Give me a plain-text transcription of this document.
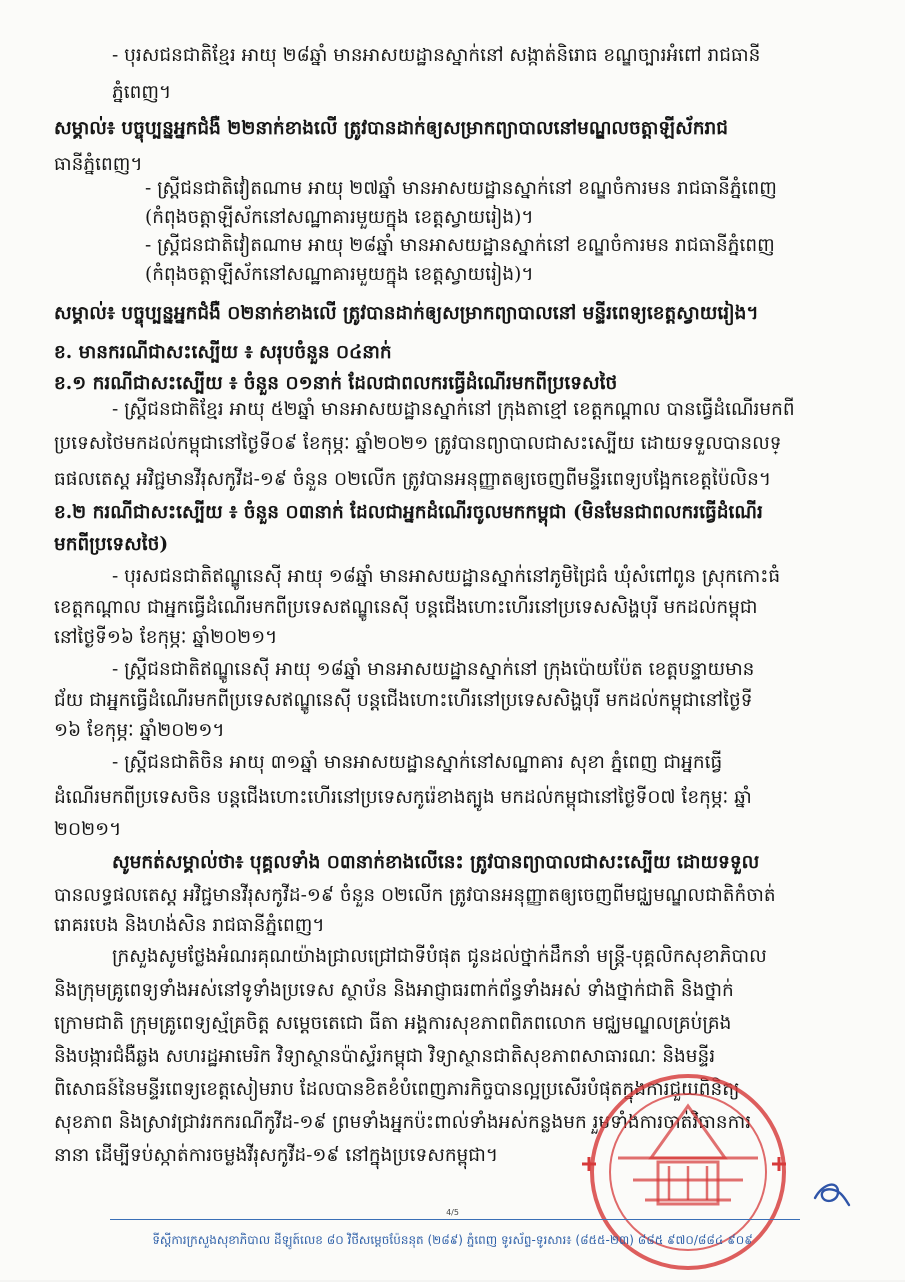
- បុរសជនជាតិខ្មែរ អាយុ ២៨ឆ្នាំ មានអាសយដ្ឋានស្នាក់នៅ សង្កាត់និរោធ ខណ្ឌច្បារអំពៅ រាជធានី
ភ្នំពេញ។
សម្គាល់៖ បច្ចុប្បន្នអ្នកជំងឺ ២២នាក់ខាងលើ ត្រូវបានដាក់ឲ្យសម្រាកព្យាបាលនៅមណ្ឌលចត្តាឡីស័ករាជ
ធានីភ្នំពេញ។
- ស្ត្រីជនជាតិវៀតណាម អាយុ ២៧ឆ្នាំ មានអាសយដ្ឋានស្នាក់នៅ ខណ្ឌចំការមន រាជធានីភ្នំពេញ
(កំពុងចត្តាឡីស័កនៅសណ្ឋាគារមួយក្នុង ខេត្តស្វាយរៀង)។
- ស្ត្រីជនជាតិវៀតណាម អាយុ ២៨ឆ្នាំ មានអាសយដ្ឋានស្នាក់នៅ ខណ្ឌចំការមន រាជធានីភ្នំពេញ
(កំពុងចត្តាឡីស័កនៅសណ្ឋាគារមួយក្នុង ខេត្តស្វាយរៀង)។
សម្គាល់៖ បច្ចុប្បន្នអ្នកជំងឺ ០២នាក់ខាងលើ ត្រូវបានដាក់ឲ្យសម្រាកព្យាបាលនៅ មន្ទីរពេទ្យខេត្តស្វាយរៀង។
ខ. មានករណីជាសះស្បើយ ៖ សរុបចំនួន ០៤នាក់
ខ.១ ករណីជាសះស្បើយ ៖ ចំនួន ០១នាក់ ដែលជាពលករធ្វើដំណើរមកពីប្រទេសថៃ
- ស្ត្រីជនជាតិខ្មែរ អាយុ ៥២ឆ្នាំ មានអាសយដ្ឋានស្នាក់នៅ ក្រុងតាខ្មៅ ខេត្តកណ្តាល បានធ្វើដំណើរមកពី
ប្រទេសថៃមកដល់កម្ពុជានៅថ្ងៃទី០៩ ខែកុម្ភៈ ឆ្នាំ២០២១ ត្រូវបានព្យាបាលជាសះស្បើយ ដោយទទួលបានលទ្
ធផលតេស្ត អវិជ្ជមានវីរុសកូវីដ-១៩ ចំនួន ០២លើក ត្រូវបានអនុញ្ញាតឲ្យចេញពីមន្ទីរពេទ្យបង្អែកខេត្តប៉ៃលិន។
ខ.២ ករណីជាសះស្បើយ ៖ ចំនួន ០៣នាក់ ដែលជាអ្នកដំណើរចូលមកកម្ពុជា (មិនមែនជាពលករធ្វើដំណើរ
មកពីប្រទេសថៃ)
- បុរសជនជាតិឥណ្ឌូនេស៊ី អាយុ ១៨ឆ្នាំ មានអាសយដ្ឋានស្នាក់នៅភូមិជ្រៃធំ ឃុំសំពៅពូន ស្រុកកោះធំ
ខេត្តកណ្តាល ជាអ្នកធ្វើដំណើរមកពីប្រទេសឥណ្ឌូនេស៊ី បន្តជើងហោះហើរនៅប្រទេសសិង្ហបុរី មកដល់កម្ពុជា
នៅថ្ងៃទី១៦ ខែកុម្ភៈ ឆ្នាំ២០២១។
- ស្ត្រីជនជាតិឥណ្ឌូនេស៊ី អាយុ ១៨ឆ្នាំ មានអាសយដ្ឋានស្នាក់នៅ ក្រុងប៉ោយប៉ែត ខេត្តបន្ទាយមាន
ជ័យ ជាអ្នកធ្វើដំណើរមកពីប្រទេសឥណ្ឌូនេស៊ី បន្តជើងហោះហើរនៅប្រទេសសិង្ហបុរី មកដល់កម្ពុជានៅថ្ងៃទី
១៦ ខែកុម្ភៈ ឆ្នាំ២០២១។
- ស្ត្រីជនជាតិចិន អាយុ ៣១ឆ្នាំ មានអាសយដ្ឋានស្នាក់នៅសណ្ឋាគារ សុខា ភ្នំពេញ ជាអ្នកធ្វើ
ដំណើរមកពីប្រទេសចិន បន្តជើងហោះហើរនៅប្រទេសកូរ៉េខាងត្បូង មកដល់កម្ពុជានៅថ្ងៃទី០៧ ខែកុម្ភៈ ឆ្នាំ
២០២១។
សូមកត់សម្គាល់ថា៖ បុគ្គលទាំង ០៣នាក់ខាងលើនេះ ត្រូវបានព្យាបាលជាសះស្បើយ ដោយទទួល
បានលទ្ធផលតេស្ត អវិជ្ជមានវីរុសកូវីដ-១៩ ចំនួន ០២លើក ត្រូវបានអនុញ្ញាតឲ្យចេញពីមជ្ឈមណ្ឌលជាតិកំចាត់
រោគរបេង និងហង់សិន រាជធានីភ្នំពេញ។
ក្រសួងសូមថ្លែងអំណរគុណយ៉ាងជ្រាលជ្រៅជាទីបំផុត ជូនដល់ថ្នាក់ដឹកនាំ មន្ត្រី-បុគ្គលិកសុខាភិបាល
និងក្រុមគ្រូពេទ្យទាំងអស់នៅទូទាំងប្រទេស ស្ថាប័ន និងអាជ្ញាធរពាក់ព័ន្ធទាំងអស់ ទាំងថ្នាក់ជាតិ និងថ្នាក់
ក្រោមជាតិ ក្រុមគ្រូពេទ្យស្ម័គ្រចិត្ត សម្តេចតេជោ ធីតា អង្គការសុខភាពពិភពលោក មជ្ឈមណ្ឌលគ្រប់គ្រង
និងបង្ការជំងឺឆ្លង សហរដ្ឋអាមេរិក វិទ្យាស្ថានប៉ាស្ទ័រកម្ពុជា វិទ្យាស្ថានជាតិសុខភាពសាធារណៈ និងមន្ទីរ
ពិសោធន៍នៃមន្ទីរពេទ្យខេត្តសៀមរាប ដែលបានខិតខំបំពេញភារកិច្ចបានល្អប្រសើរបំផុតក្នុងការជួយពិនិត្យ
សុខភាព និងស្រាវជ្រាវរកករណីកូវីដ-១៩ ព្រមទាំងអ្នកប៉ះពាល់ទាំងអស់កន្លងមក រួមទាំងការចាត់វិធានការ
នានា ដើម្បីទប់ស្កាត់ការចម្លងវីរុសកូវីដ-១៩ នៅក្នុងប្រទេសកម្ពុជា។
4/5
ទីស្តីការក្រសួងសុខាភិបាល ដីឡូត៍លេខ ៨០ វិថីសម្តេចប៉ែននុត (២៨៩) ភ្នំពេញ ទូរស័ព្ទ-ទូរសារ៖ (៨៥៥-២៣) ៨៨៥ ៩៧០/៨៨៤ ៩០៩
